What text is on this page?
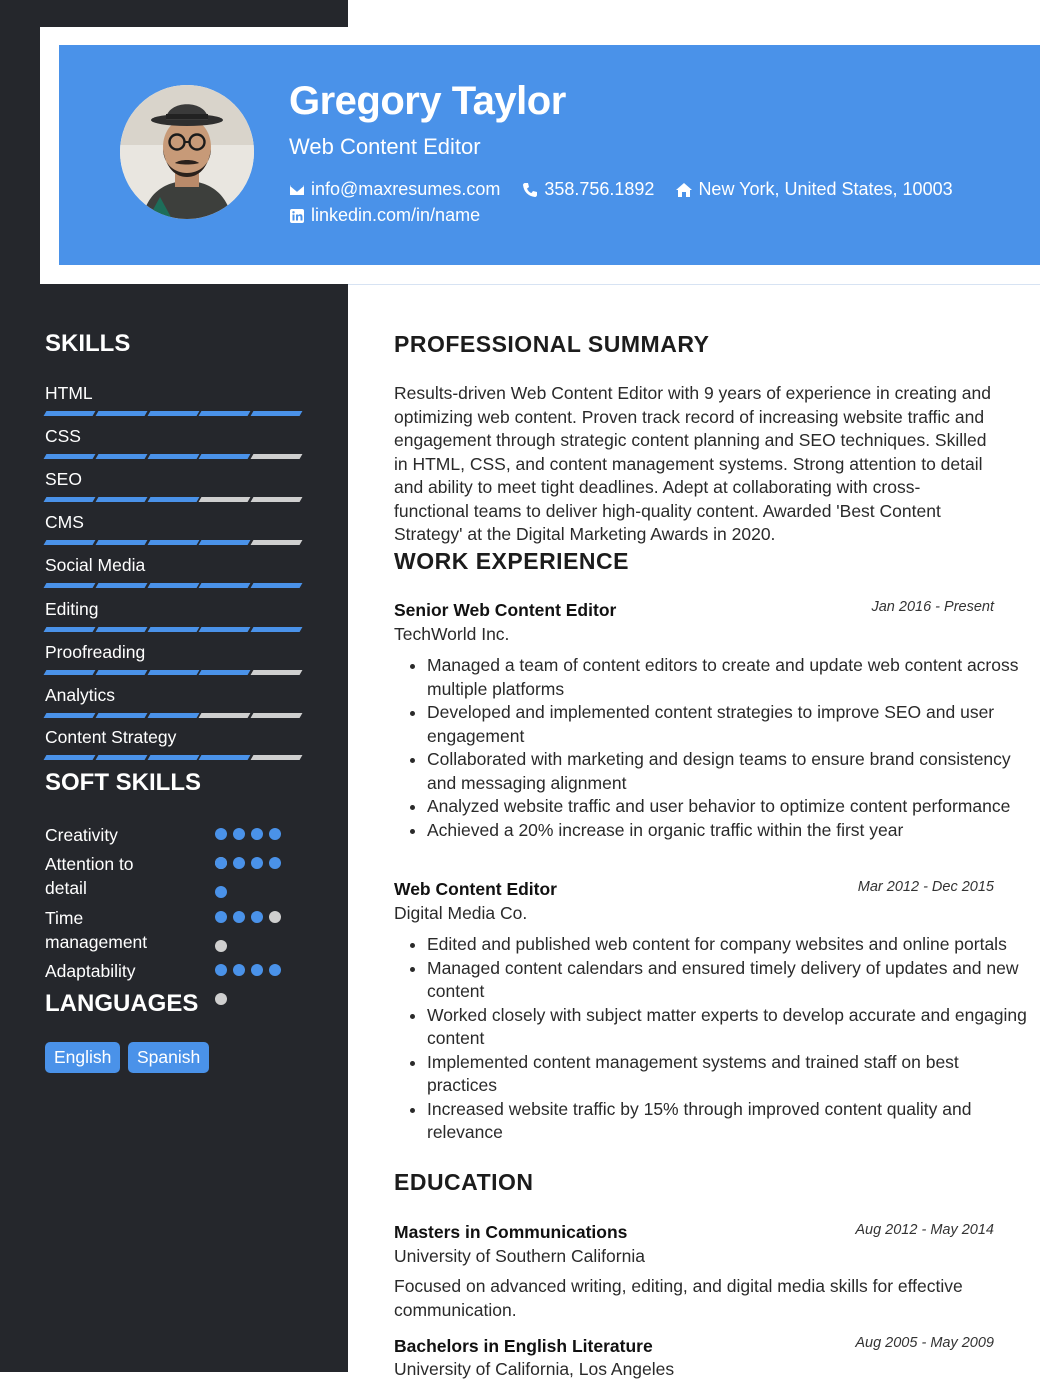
Gregory Taylor
Web Content Editor
info@maxresumes.com 358.756.1892 New York, United States, 10003
linkedin.com/in/name
SKILLS
HTML
CSS
SEO
CMS
Social Media
Editing
Proofreading
Analytics
Content Strategy
SOFT SKILLS
Creativity
Attention to detail
Time management
Adaptability
LANGUAGES
English	Spanish
PROFESSIONAL SUMMARY
Results-driven Web Content Editor with 9 years of experience in creating and optimizing web content. Proven track record of increasing website traffic and engagement through strategic content planning and SEO techniques. Skilled in HTML, CSS, and content management systems. Strong attention to detail and ability to meet tight deadlines. Adept at collaborating with cross-functional teams to deliver high-quality content. Awarded 'Best Content Strategy' at the Digital Marketing Awards in 2020.
WORK EXPERIENCE
Senior Web Content Editor	Jan 2016 - Present
TechWorld Inc.
• Managed a team of content editors to create and update web content across multiple platforms
• Developed and implemented content strategies to improve SEO and user engagement
• Collaborated with marketing and design teams to ensure brand consistency and messaging alignment
• Analyzed website traffic and user behavior to optimize content performance
• Achieved a 20% increase in organic traffic within the first year
Web Content Editor	Mar 2012 - Dec 2015
Digital Media Co.
• Edited and published web content for company websites and online portals
• Managed content calendars and ensured timely delivery of updates and new content
• Worked closely with subject matter experts to develop accurate and engaging content
• Implemented content management systems and trained staff on best practices
• Increased website traffic by 15% through improved content quality and relevance
EDUCATION
Masters in Communications	Aug 2012 - May 2014
University of Southern California
Focused on advanced writing, editing, and digital media skills for effective communication.
Bachelors in English Literature	Aug 2005 - May 2009
University of California, Los Angeles
